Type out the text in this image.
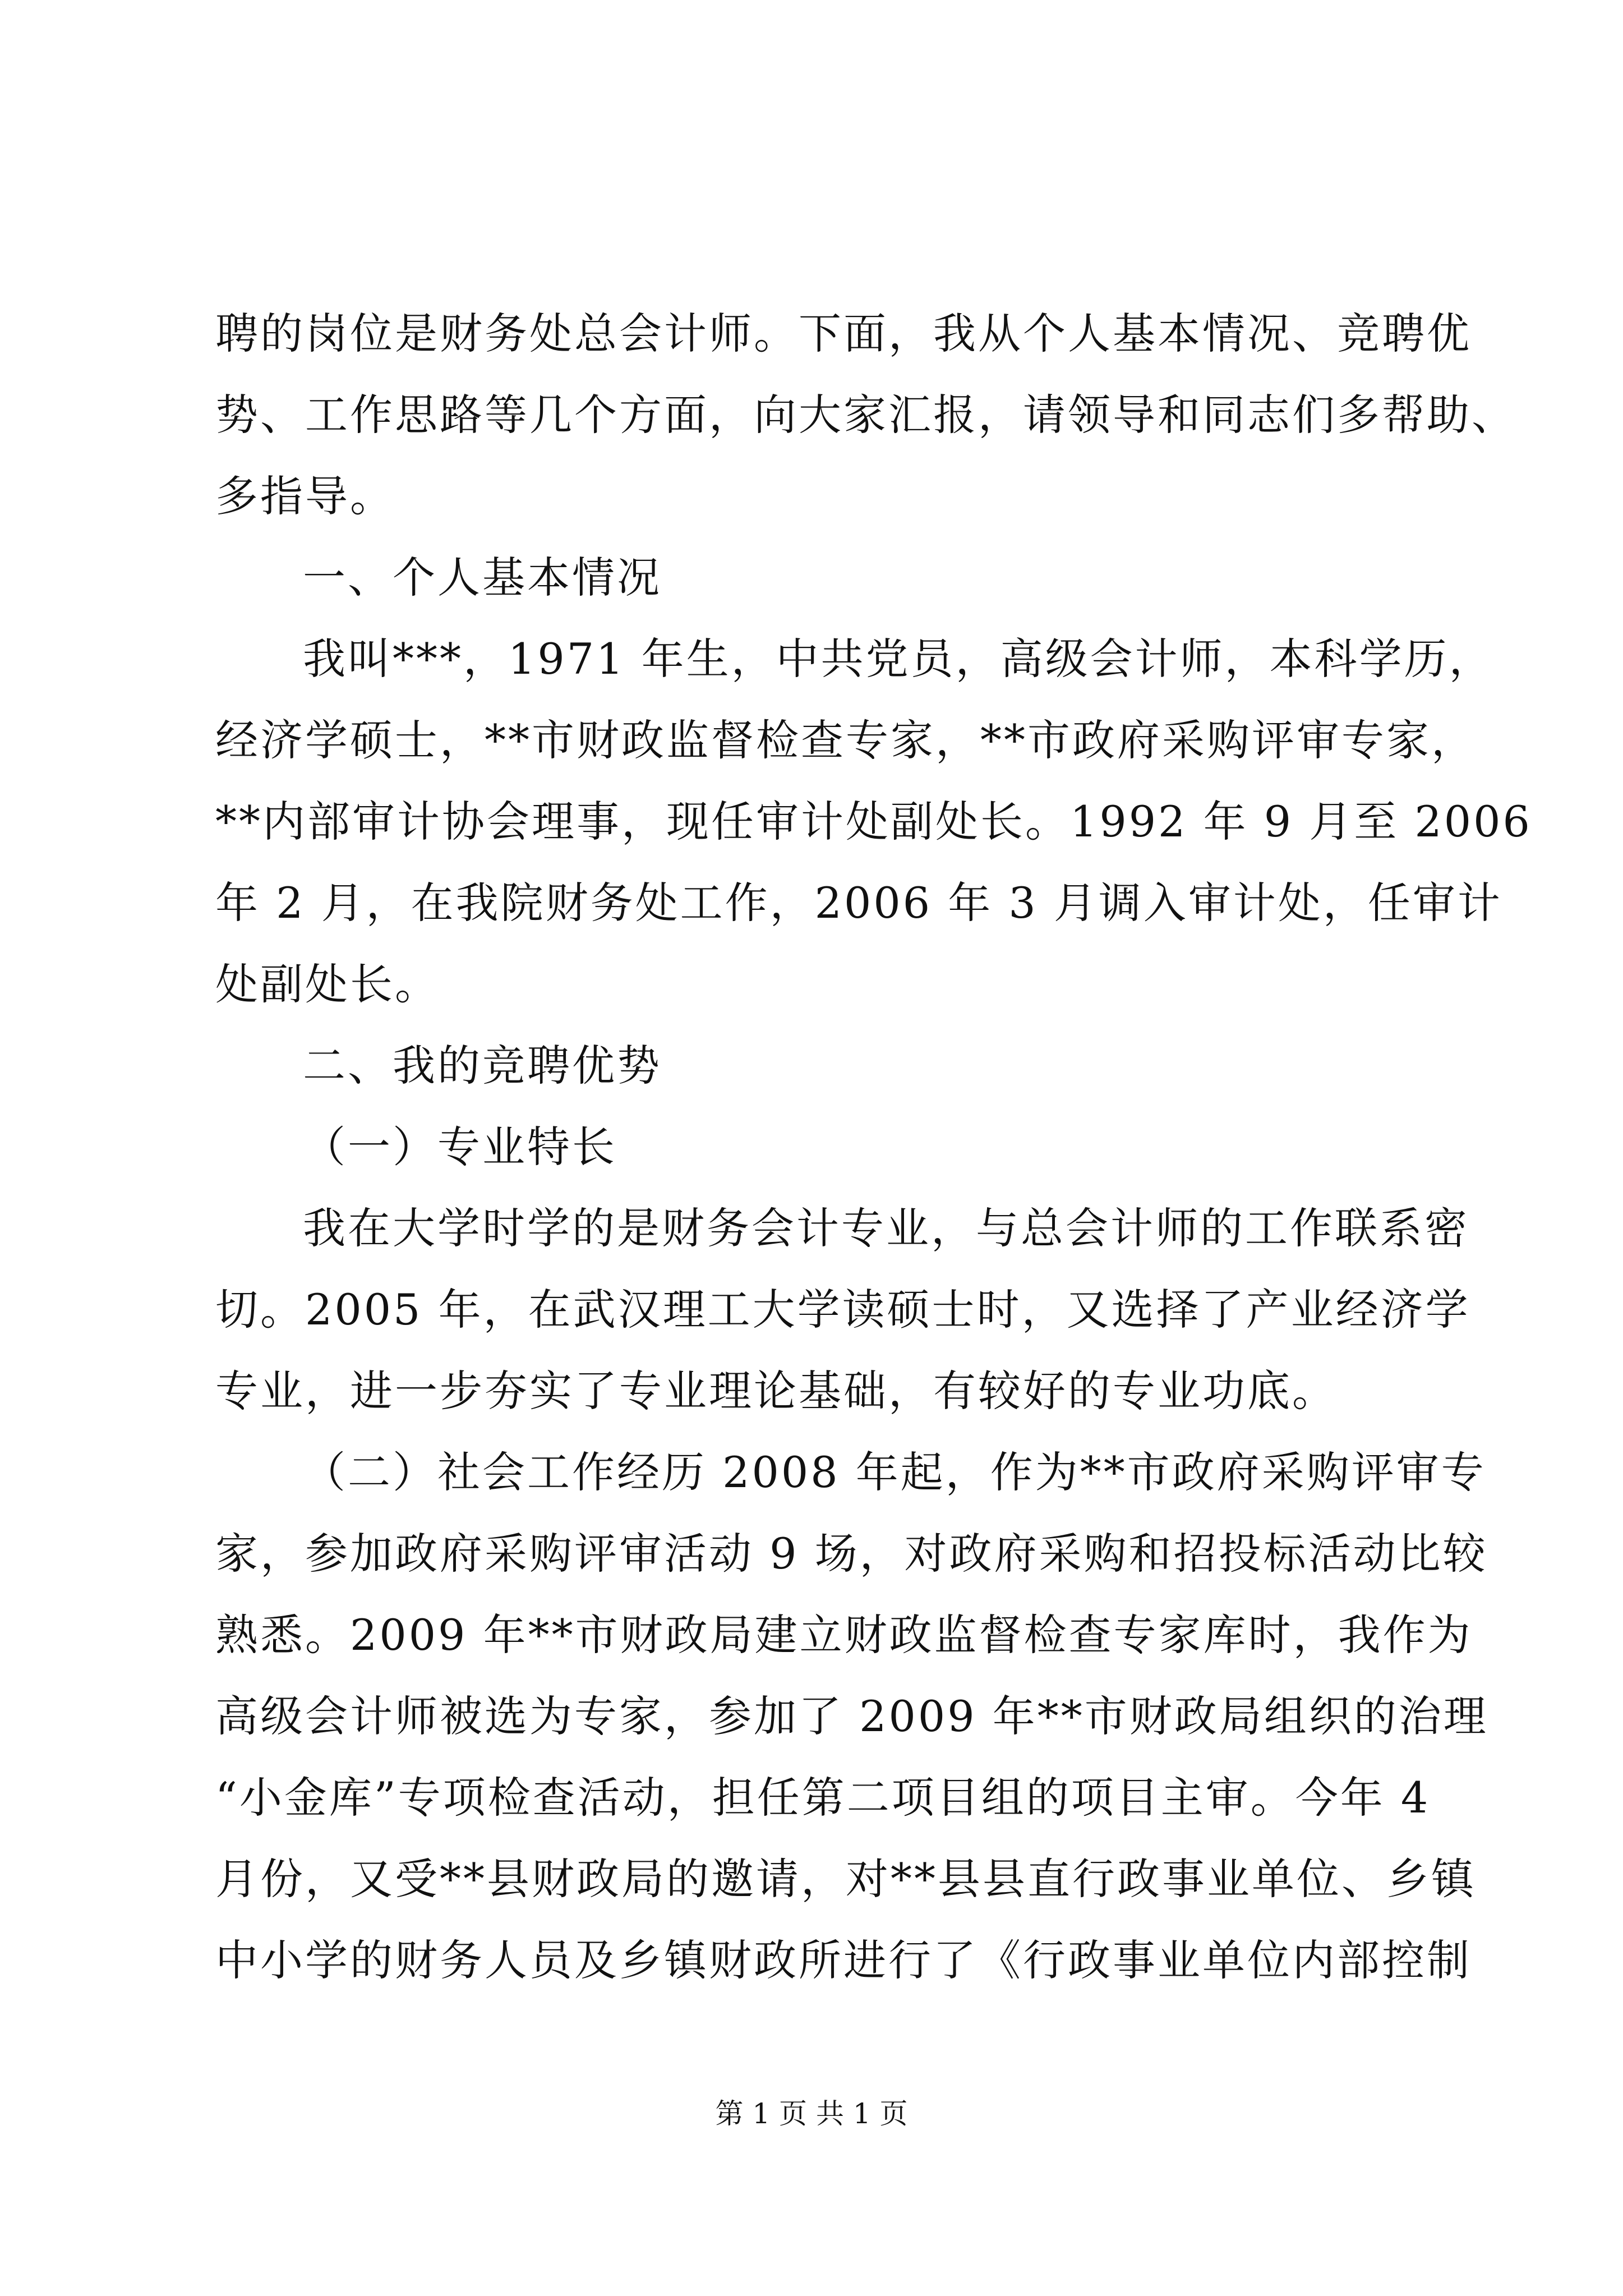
聘的岗位是财务处总会计师。下面，我从个人基本情况、竞聘优
势、工作思路等几个方面，向大家汇报，请领导和同志们多帮助、
多指导。
一、个人基本情况
我叫***，1971 年生，中共党员，高级会计师，本科学历，
经济学硕士，**市财政监督检查专家，**市政府采购评审专家，
**内部审计协会理事，现任审计处副处长。1992 年 9 月至 2006
年 2 月，在我院财务处工作，2006 年 3 月调入审计处，任审计
处副处长。
二、我的竞聘优势
（一）专业特长
我在大学时学的是财务会计专业，与总会计师的工作联系密
切。2005 年，在武汉理工大学读硕士时，又选择了产业经济学
专业，进一步夯实了专业理论基础，有较好的专业功底。
（二）社会工作经历 2008 年起，作为**市政府采购评审专
家，参加政府采购评审活动 9 场，对政府采购和招投标活动比较
熟悉。2009 年**市财政局建立财政监督检查专家库时，我作为
高级会计师被选为专家，参加了 2009 年**市财政局组织的治理
“小金库”专项检查活动，担任第二项目组的项目主审。今年 4
月份，又受**县财政局的邀请，对**县县直行政事业单位、乡镇
中小学的财务人员及乡镇财政所进行了《行政事业单位内部控制
第 1 页 共 1 页
